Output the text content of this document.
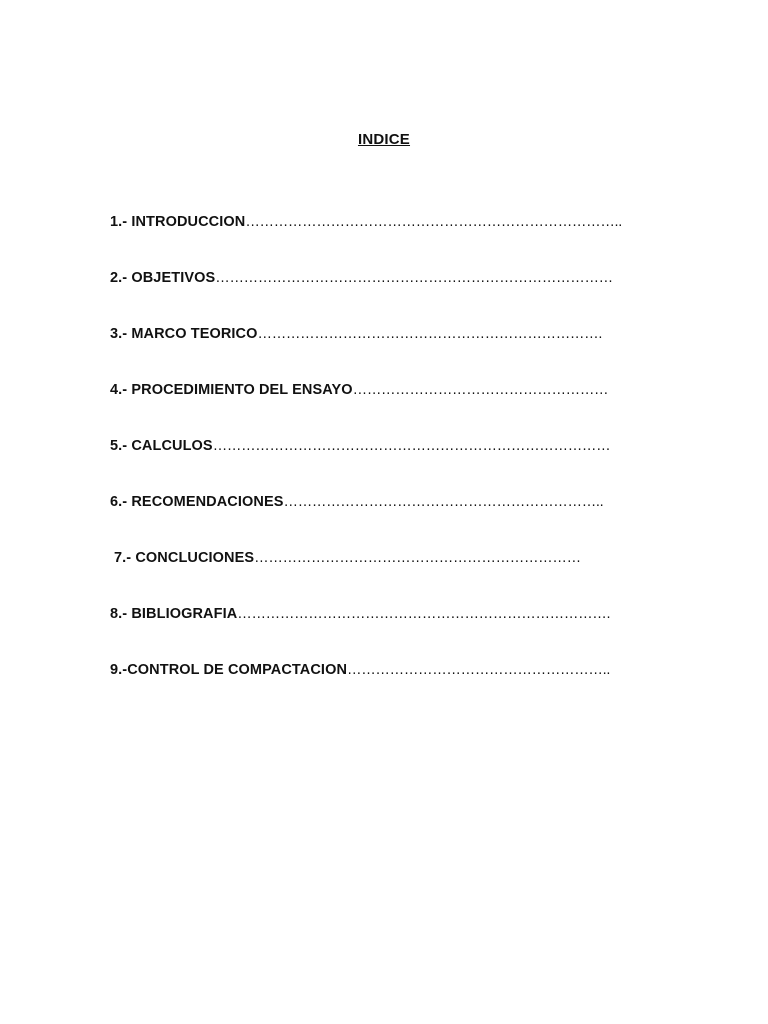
INDICE
1.- INTRODUCCION……………………………………………………………………..
2.- OBJETIVOS…………………………………………………………………………
3.- MARCO TEORICO……………………………………………………………….
4.- PROCEDIMIENTO DEL ENSAYO………………………………………………
5.- CALCULOS…………………………………………………………………………
6.- RECOMENDACIONES…………………………………………………………..
7.- CONCLUCIONES……………………………………………………………
8.- BIBLIOGRAFIA…………………………………………………………………….
9.-CONTROL DE COMPACTACION………………………………………………..
